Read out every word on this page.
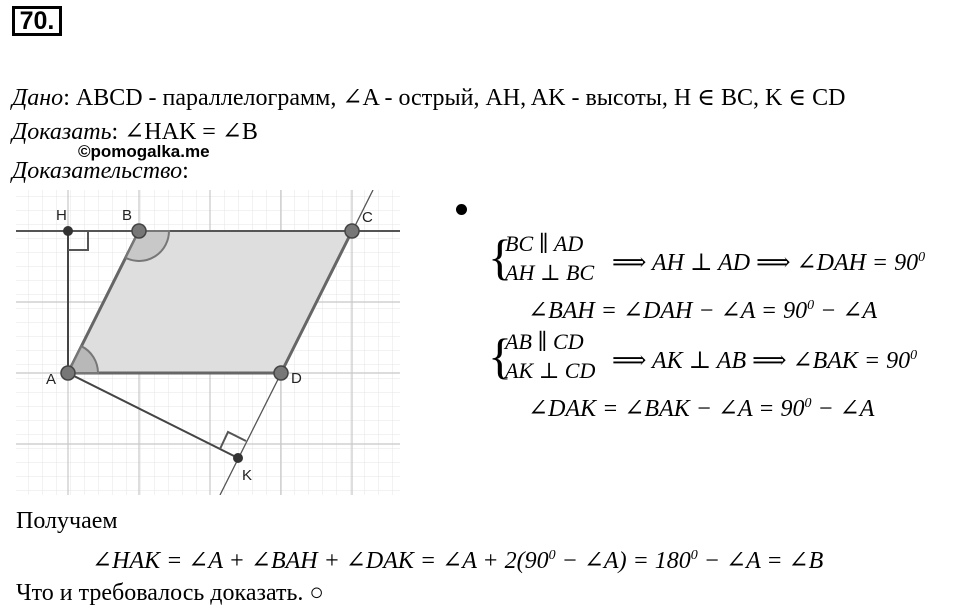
70.
Дано: ABCD - параллелограмм, ∠A - острый, AH, AK - высоты, H ∈ BC, K ∈ CD
Доказать: ∠HAK = ∠B
©pomogalka.me
Доказательство:
H	B	C
A	D
K
{
BC ∥ AD
AH ⊥ BC ⟹ AH ⊥ AD ⟹ ∠DAH = $90^0$
∠BAH = ∠DAH − ∠A = $90^0$ − ∠A
{
AB ∥ CD
AK ⊥ CD ⟹ AK ⊥ AB ⟹ ∠BAK = $90^0$
∠DAK = ∠BAK − ∠A = $90^0$ − ∠A
Получаем
∠HAK = ∠A + ∠BAH + ∠DAK = ∠A + $2(90^0$ − ∠A) = $180^0$ − ∠A = ∠B
Что и требовалось доказать. ○
